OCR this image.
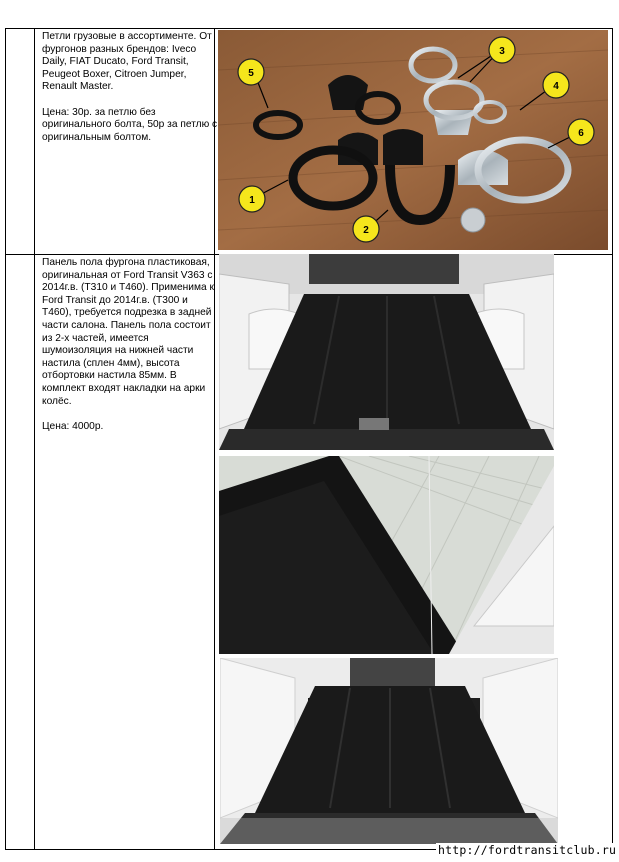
Петли грузовые в ассортименте. От фургонов разных брендов: Iveco Daily, FIAT Ducato, Ford Transit, Peugeot Boxer, Citroen Jumper, Renault Master.

Цена: 30р. за петлю без оригинального болта, 50р за петлю с оригинальным болтом.

Панель пола фургона пластиковая, оригинальная от Ford Transit V363 с 2014г.в. (T310 и T460). Применима к Ford Transit до 2014г.в. (T300 и T460), требуется подрезка в задней части салона. Панель пола состоит из 2-х частей, имеется шумоизоляция на нижней части настила (сплен 4мм), высота отбортовки настила 85мм. В комплект входят накладки на арки колёс.

Цена: 4000р.

5
1
2
3
4
6
http://fordtransitclub.ru
